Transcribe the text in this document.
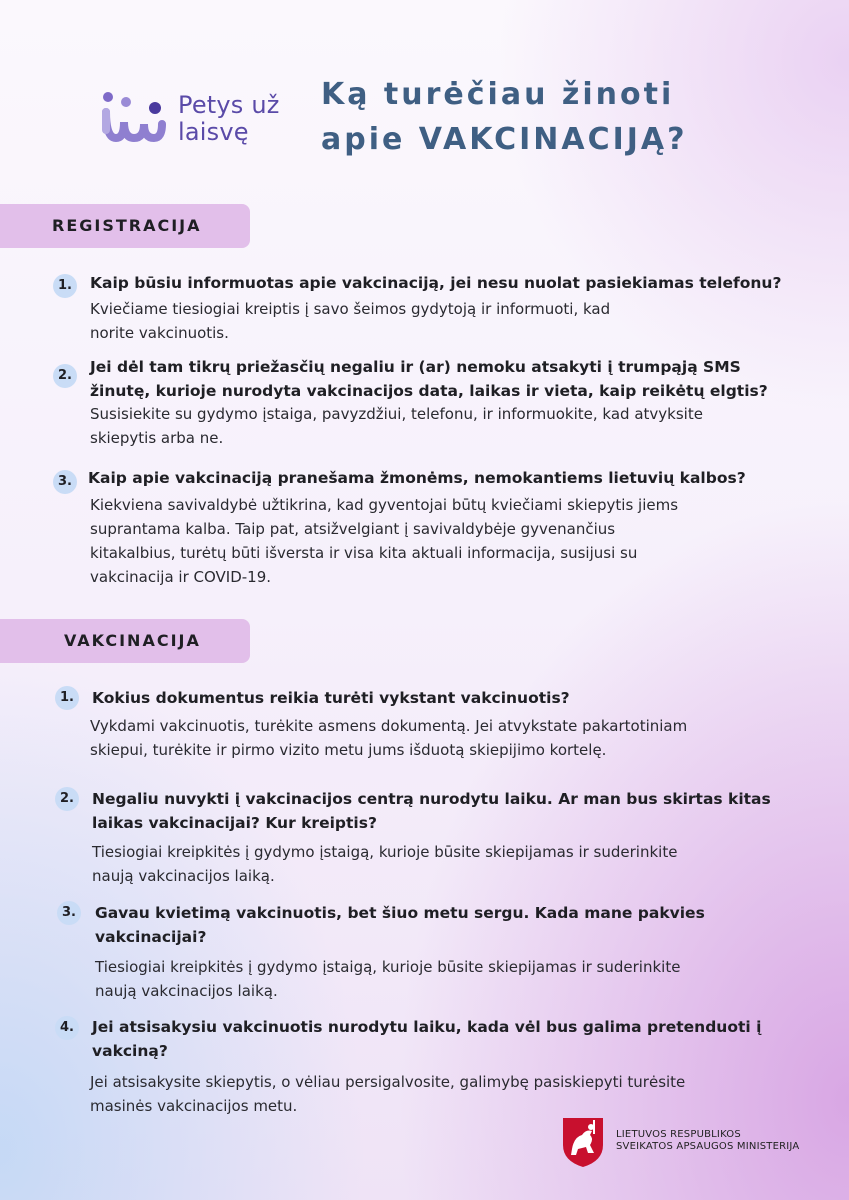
Petys už
laisvę
Ką turėčiau žinoti
apie VAKCINACIJĄ?
REGISTRACIJA
1.	Kaip būsiu informuotas apie vakcinaciją, jei nesu nuolat pasiekiamas telefonu?
Kviečiame tiesiogiai kreiptis į savo šeimos gydytoją ir informuoti, kad
norite vakcinuotis.
2.	Jei dėl tam tikrų priežasčių negaliu ir (ar) nemoku atsakyti į trumpąją SMS
žinutę, kurioje nurodyta vakcinacijos data, laikas ir vieta, kaip reikėtų elgtis?
Susisiekite su gydymo įstaiga, pavyzdžiui, telefonu, ir informuokite, kad atvyksite
skiepytis arba ne.
3.	Kaip apie vakcinaciją pranešama žmonėms, nemokantiems lietuvių kalbos?
Kiekviena savivaldybė užtikrina, kad gyventojai būtų kviečiami skiepytis jiems
suprantama kalba. Taip pat, atsižvelgiant į savivaldybėje gyvenančius
kitakalbius, turėtų būti išversta ir visa kita aktuali informacija, susijusi su
vakcinacija ir COVID-19.
VAKCINACIJA
1.	Kokius dokumentus reikia turėti vykstant vakcinuotis?
Vykdami vakcinuotis, turėkite asmens dokumentą. Jei atvykstate pakartotiniam
skiepui, turėkite ir pirmo vizito metu jums išduotą skiepijimo kortelę.
2.	Negaliu nuvykti į vakcinacijos centrą nurodytu laiku. Ar man bus skirtas kitas
laikas vakcinacijai? Kur kreiptis?
Tiesiogiai kreipkitės į gydymo įstaigą, kurioje būsite skiepijamas ir suderinkite
naują vakcinacijos laiką.
3.	Gavau kvietimą vakcinuotis, bet šiuo metu sergu. Kada mane pakvies
vakcinacijai?
Tiesiogiai kreipkitės į gydymo įstaigą, kurioje būsite skiepijamas ir suderinkite
naują vakcinacijos laiką.
4.	Jei atsisakysiu vakcinuotis nurodytu laiku, kada vėl bus galima pretenduoti į
vakciną?
Jei atsisakysite skiepytis, o vėliau persigalvosite, galimybę pasiskiepyti turėsite
masinės vakcinacijos metu.
LIETUVOS RESPUBLIKOS
SVEIKATOS APSAUGOS MINISTERIJA
